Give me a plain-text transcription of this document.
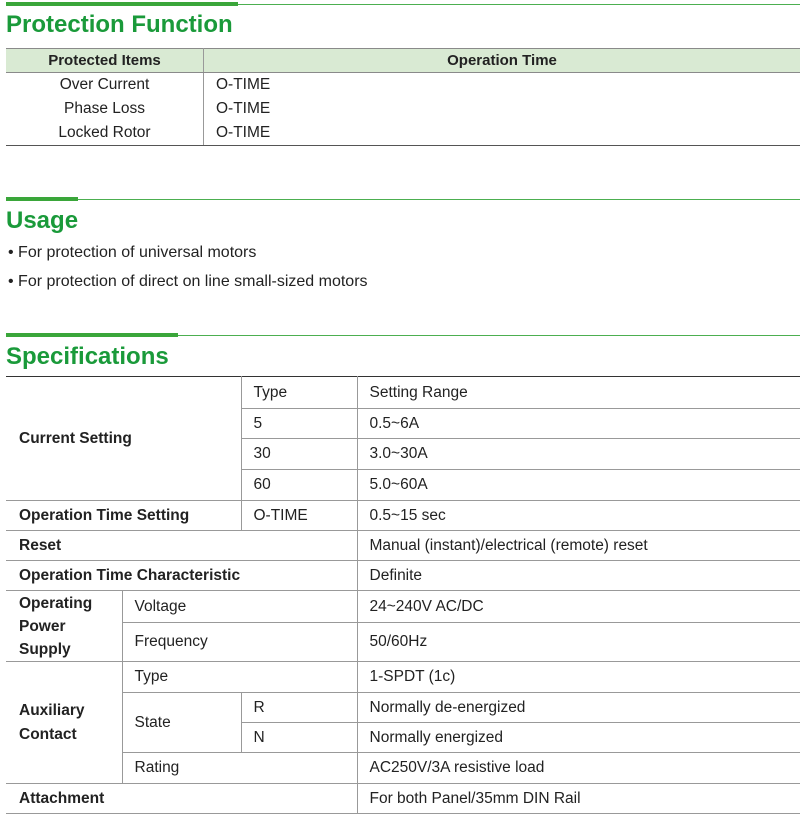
Protection Function
Protected Items	Operation Time
Over Current	O-TIME
Phase Loss	O-TIME
Locked Rotor	O-TIME
Usage
• For protection of universal motors
• For protection of direct on line small-sized motors
Specifications
Current Setting		Type	Setting Range
		5	0.5~6A
		30	3.0~30A
		60	5.0~60A
Operation Time Setting		O-TIME	0.5~15 sec
Reset			Manual (instant)/electrical (remote) reset
Operation Time Characteristic			Definite

Operating
Power
Supply	Voltage		24~240V AC/DC
	Frequency		50/60Hz

Auxiliary
Contact	Type		1-SPDT (1c)
	State	R	Normally de-energized
		N	Normally energized
	Rating		AC250V/3A resistive load
Attachment			For both Panel/35mm DIN Rail
